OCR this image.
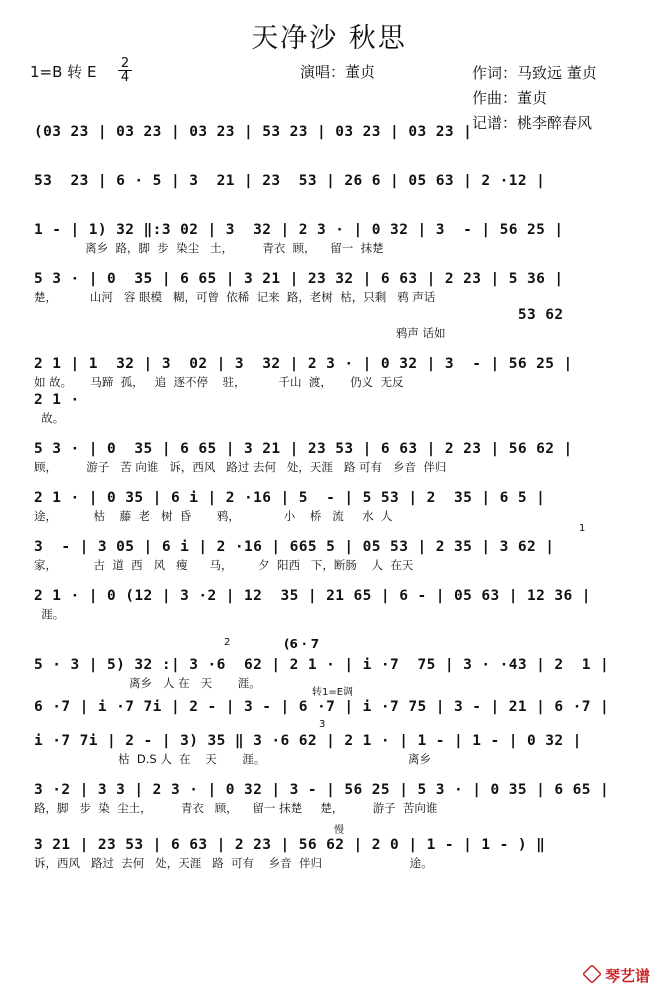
天净沙 秋思
1=B 转 E 2
4	演唱：董贞	作词：马致远 董贞
作曲：董贞
记谱：桃李醉春风
(03 23 | 03 23 | 03 23 | 53 23 | 03 23 | 03 23 |
53  23 | 6 · 5 | 3  21 | 23  53 | 26 6 | 05 63 | 2 ·12 |
1 - | 1) 32 ‖:3 02 | 3  32 | 2 3 · | 0 32 | 3  - | 56 25 |
离乡  路，脚  步  染尘   土，        青衣  顾，    留一  抹楚
5 3 · | 0  35 | 6 65 | 3 21 | 23 32 | 6 63 | 2 23 | 5 36 |
楚，         山河   容 眼模   糊，可曾  依稀  记来  路，老树  枯，只剩   鸦 声话
53 62
鸦声 话如
2 1 | 1  32 | 3  02 | 3  32 | 2 3 · | 0 32 | 3  - | 56 25 |
如 故。     马蹄  孤，   追  逐不停    驻，         千山  渡，     仍义  无反
2 1 ·
故。
5 3 · | 0  35 | 6 65 | 3 21 | 23 53 | 6 63 | 2 23 | 56 62 |
顾，        游子   苦 向谁   诉，西风   路过 去何   处，天涯   路 可有   乡音  伴归
2 1 · | 0 35 | 6 i | 2 ·16 | 5  - | 5 53 | 2  35 | 6 5 |
途，          枯    藤  老   树  昏       鸦，            小    桥   流     水  人
1
3  - | 3 05 | 6 i | 2 ·16 | 665 5 | 05 53 | 2 35 | 3 62 |
家，          古  道  西   风   瘦      马，       夕  阳西   下，断肠    人  在天
2 1 · | 0 (12 | 3 ·2 | 12  35 | 21 65 | 6 - | 05 63 | 12 36 |
涯。
2	(6 · 7
5 · 3 | 5) 32 :| 3 ·6  62 | 2 1 · | i ·7  75 | 3 · ·43 | 2  1 |
离乡   人 在   天       涯。
6 ·7 | i ·7 7i | 2 - | 3 - | 6 ·7 | i ·7 75 | 3 - | 21 | 6 ·7 |
转1=E调
3
i ·7 7i | 2 - | 3) 35 ‖ 3 ·6 62 | 2 1 · | 1 - | 1 - | 0 32 |
枯  D.S 人  在    天       涯。                                       离乡
3 ·2 | 3 3 | 2 3 · | 0 32 | 3 - | 56 25 | 5 3 · | 0 35 | 6 65 |
路，脚   步  染  尘土，        青衣   顾，    留一 抹楚     楚，        游子  苦向谁
慢
3 21 | 23 53 | 6 63 | 2 23 | 56 62 | 2 0 | 1 - | 1 - ) ‖
诉，西风   路过  去何   处，天涯   路  可有    乡音  伴归                        途。
琴艺谱
